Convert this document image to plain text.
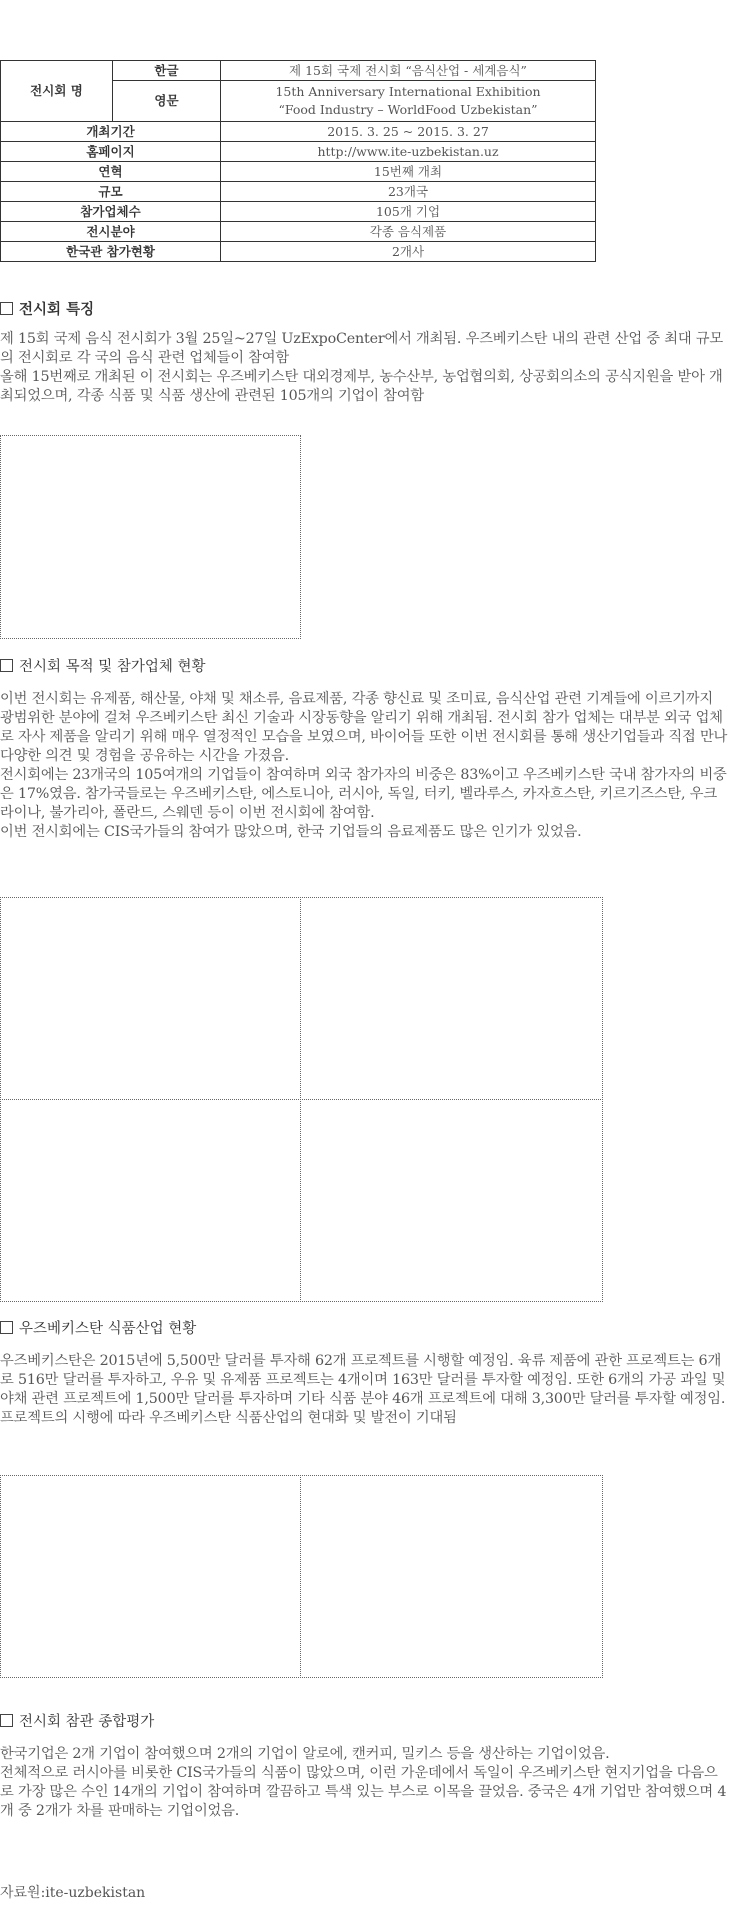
전시회 명	한글	제 15회 국제 전시회 “음식산업 - 세계음식”
	영문	15th Anniversary International Exhibition
“Food Industry – WorldFood Uzbekistan”
개최기간		2015. 3. 25 ~ 2015. 3. 27
홈페이지		http://www.ite-uzbekistan.uz
연혁		15번째 개최
규모		23개국
참가업체수		105개 기업
전시분야		각종 음식제품
한국관 참가현황		2개사
전시회 특징

제 15회 국제 음식 전시회가 3월 25일~27일 UzExpoCenter에서 개최됨. 우즈베키스탄 내의 관련 산업 중 최대 규모의 전시회로 각 국의 음식 관련 업체들이 참여함

올해 15번째로 개최된 이 전시회는 우즈베키스탄 대외경제부, 농수산부, 농업협의회, 상공회의소의 공식지원을 받아 개최되었으며, 각종 식품 및 식품 생산에 관련된 105개의 기업이 참여함

전시회 목적 및 참가업체 현황

이번 전시회는 유제품, 해산물, 야채 및 채소류, 음료제품, 각종 향신료 및 조미료, 음식산업 관련 기계들에 이르기까지 광범위한 분야에 걸쳐 우즈베키스탄 최신 기술과 시장동향을 알리기 위해 개최됨. 전시회 참가 업체는 대부분 외국 업체로 자사 제품을 알리기 위해 매우 열정적인 모습을 보였으며, 바이어들 또한 이번 전시회를 통해 생산기업들과 직접 만나 다양한 의견 및 경험을 공유하는 시간을 가졌음.

전시회에는 23개국의 105여개의 기업들이 참여하며 외국 참가자의 비중은 83%이고 우즈베키스탄 국내 참가자의 비중은 17%였음. 참가국들로는 우즈베키스탄, 에스토니아, 러시아, 독일, 터키, 벨라루스, 카자흐스탄, 키르기즈스탄, 우크라이나, 불가리아, 폴란드, 스웨덴 등이 이번 전시회에 참여함.

이번 전시회에는 CIS국가들의 참여가 많았으며, 한국 기업들의 음료제품도 많은 인기가 있었음.

우즈베키스탄 식품산업 현황

우즈베키스탄은 2015년에 5,500만 달러를 투자해 62개 프로젝트를 시행할 예정임. 육류 제품에 관한 프로젝트는 6개로 516만 달러를 투자하고, 우유 및 유제품 프로젝트는 4개이며 163만 달러를 투자할 예정임. 또한 6개의 가공 과일 및 야채 관련 프로젝트에 1,500만 달러를 투자하며 기타 식품 분야 46개 프로젝트에 대해 3,300만 달러를 투자할 예정임. 프로젝트의 시행에 따라 우즈베키스탄 식품산업의 현대화 및 발전이 기대됨

전시회 참관 종합평가

한국기업은 2개 기업이 참여했으며 2개의 기업이 알로에, 캔커피, 밀키스 등을 생산하는 기업이었음.

전체적으로 러시아를 비롯한 CIS국가들의 식품이 많았으며, 이런 가운데에서 독일이 우즈베키스탄 현지기업을 다음으로 가장 많은 수인 14개의 기업이 참여하며 깔끔하고 특색 있는 부스로 이목을 끌었음. 중국은 4개 기업만 참여했으며 4개 중 2개가 차를 판매하는 기업이었음.

자료원:ite-uzbekistan
